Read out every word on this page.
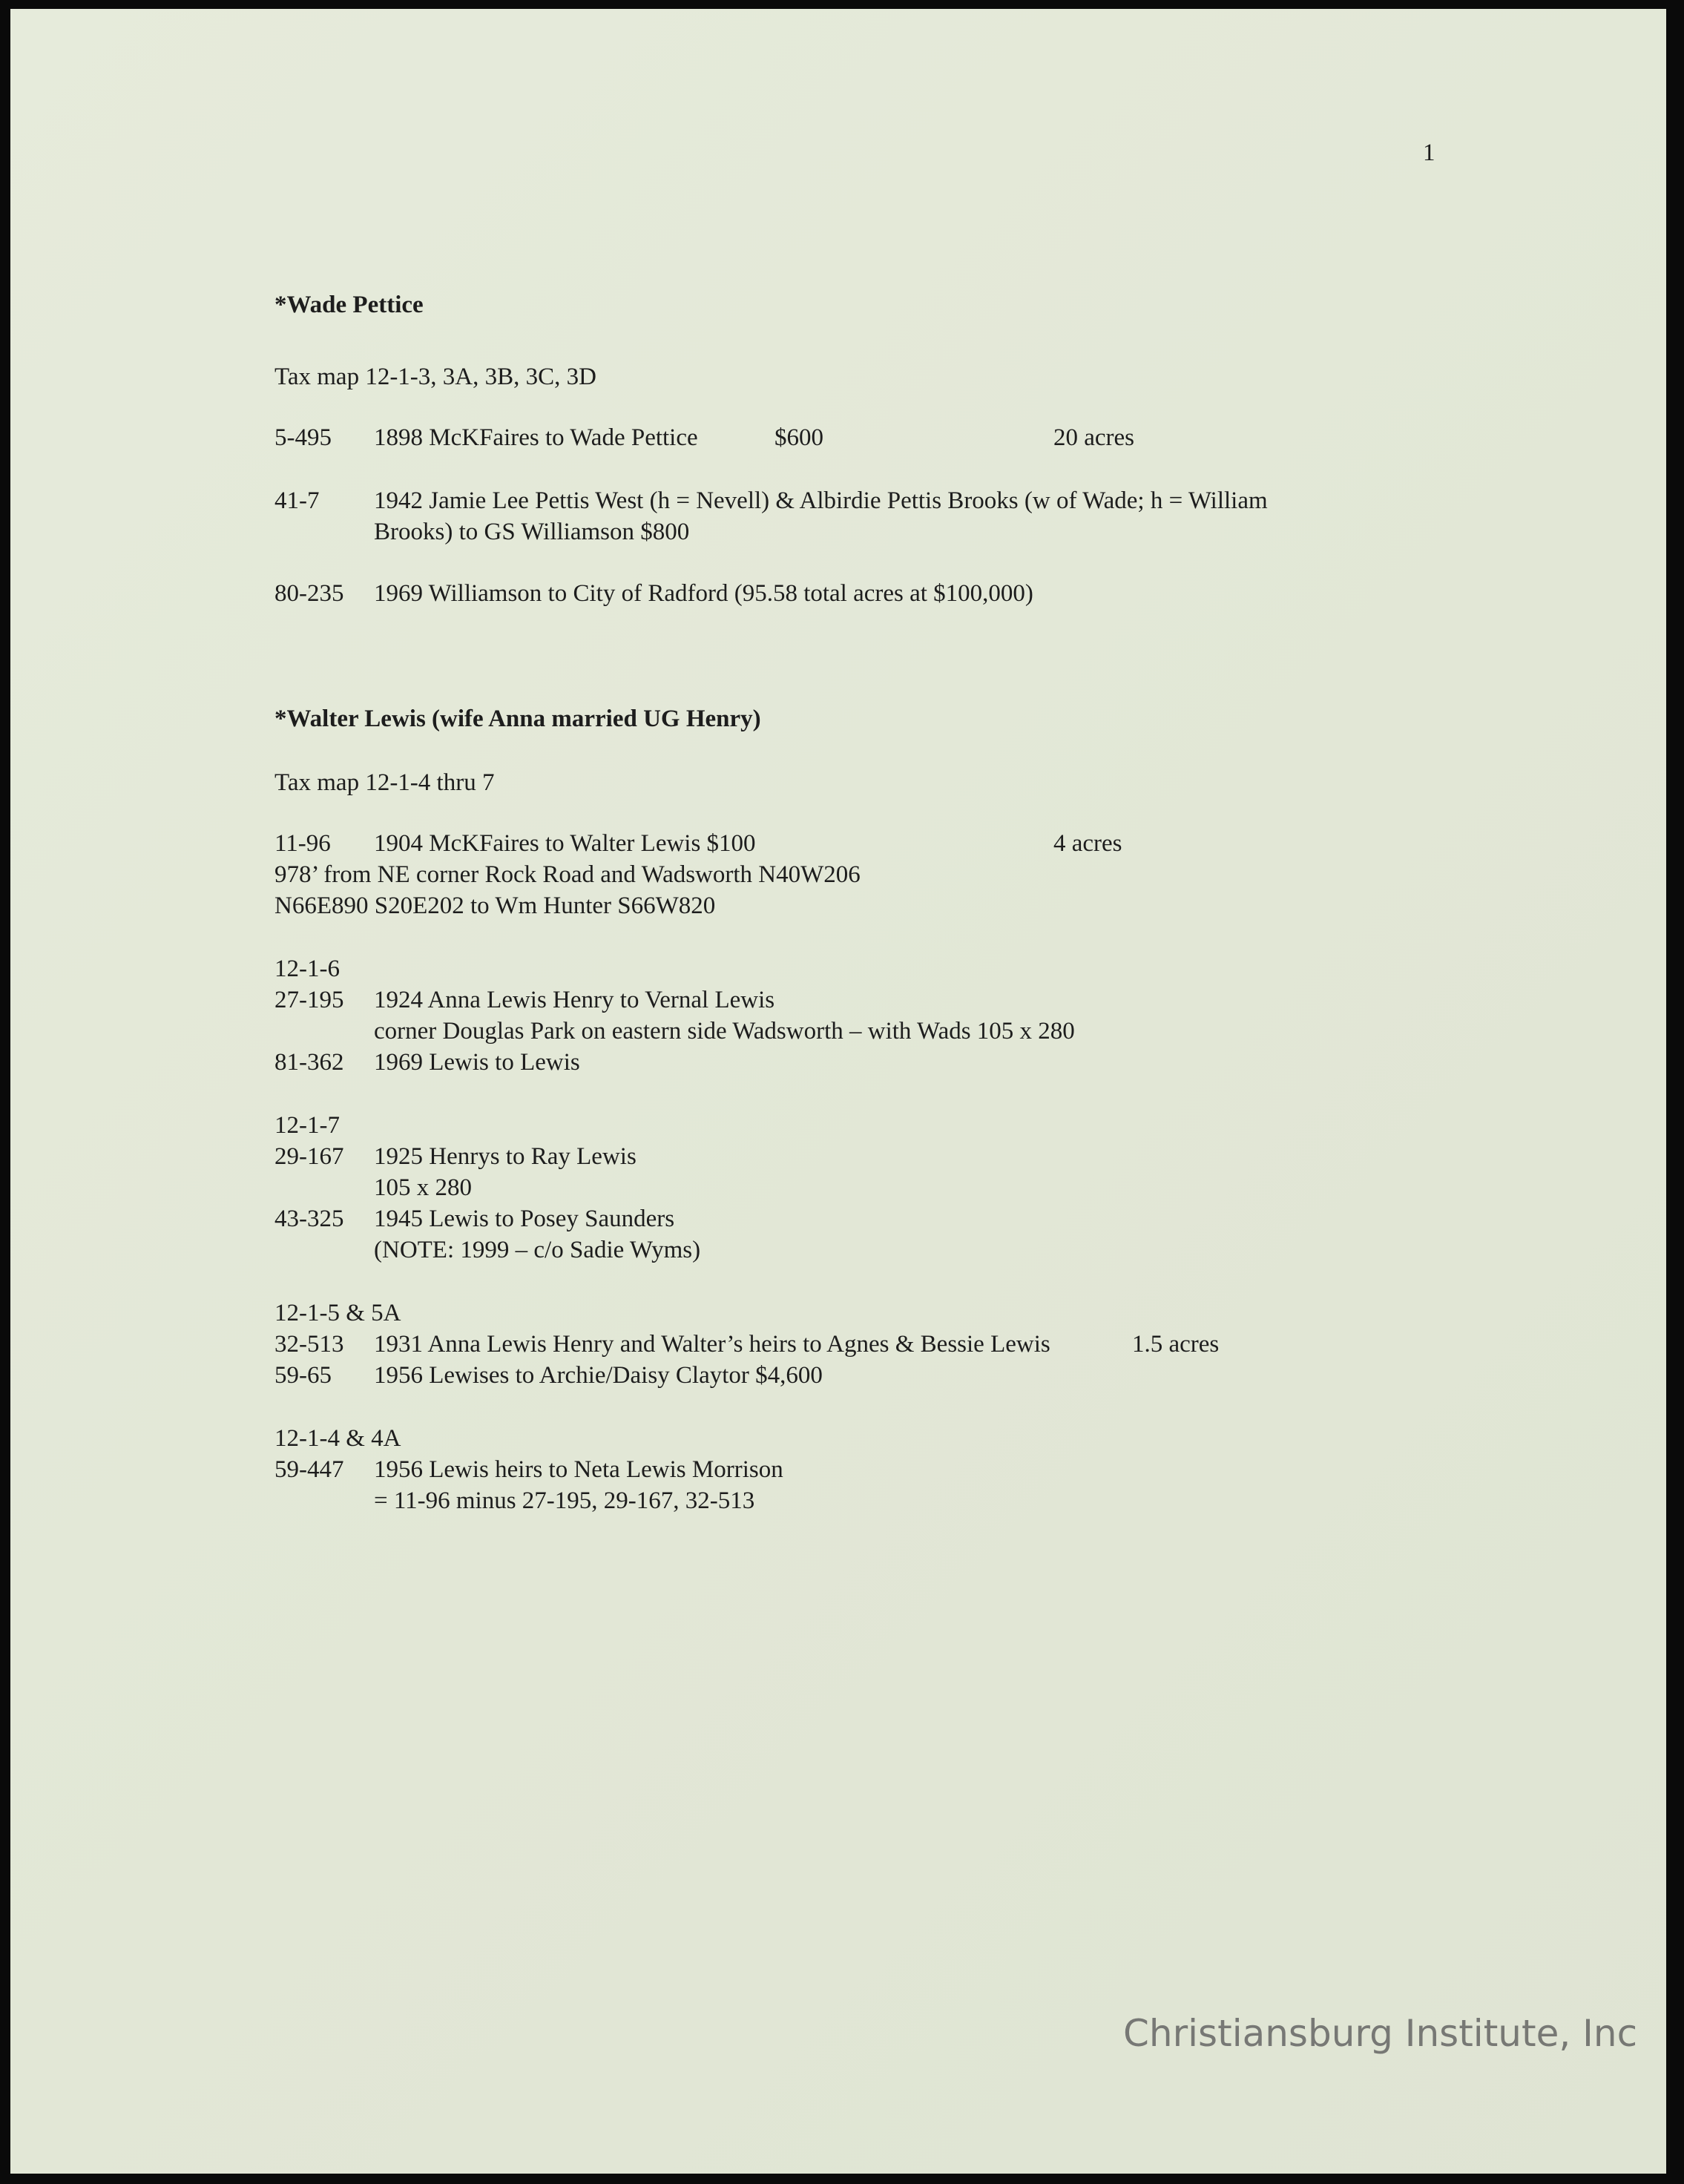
1
*Wade Pettice
Tax map 12-1-3, 3A, 3B, 3C, 3D
5-495 1898 McKFaires to Wade Pettice	$600	20 acres
41-7 1942 Jamie Lee Pettis West (h = Nevell) & Albirdie Pettis Brooks (w of Wade; h = William
Brooks) to GS Williamson $800
80-235 1969 Williamson to City of Radford (95.58 total acres at $100,000)
*Walter Lewis (wife Anna married UG Henry)
Tax map 12-1-4 thru 7
11-96 1904 McKFaires to Walter Lewis $100	4 acres
978’ from NE corner Rock Road and Wadsworth N40W206
N66E890 S20E202 to Wm Hunter S66W820
12-1-6
27-195 1924 Anna Lewis Henry to Vernal Lewis
corner Douglas Park on eastern side Wadsworth – with Wads 105 x 280
81-362 1969 Lewis to Lewis
12-1-7
29-167 1925 Henrys to Ray Lewis
105 x 280
43-325 1945 Lewis to Posey Saunders
(NOTE: 1999 – c/o Sadie Wyms)
12-1-5 & 5A
32-513 1931 Anna Lewis Henry and Walter’s heirs to Agnes & Bessie Lewis	1.5 acres
59-65 1956 Lewises to Archie/Daisy Claytor $4,600
12-1-4 & 4A
59-447 1956 Lewis heirs to Neta Lewis Morrison
= 11-96 minus 27-195, 29-167, 32-513
Christiansburg Institute, Inc
